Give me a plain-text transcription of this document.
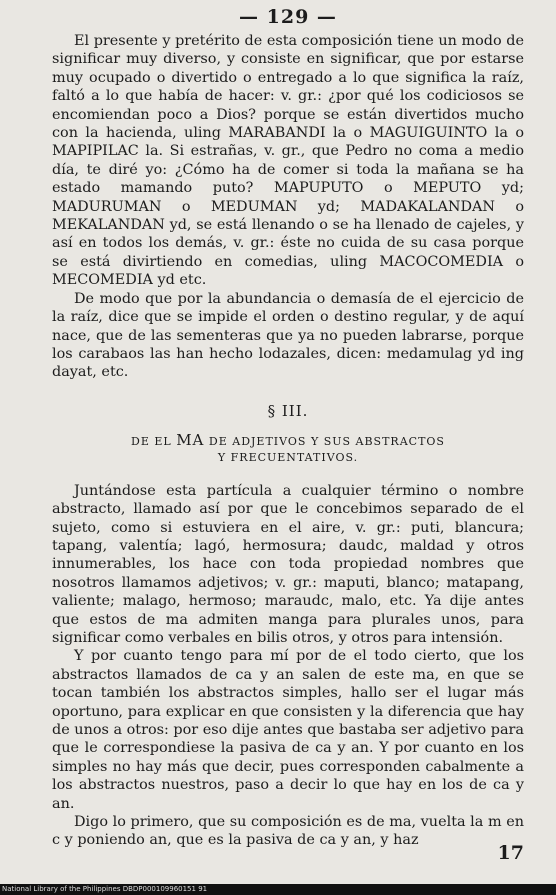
— 129 —

El presente y pretérito de esta composición tiene un modo de significar muy diverso, y consiste en significar, que por estarse muy ocupado o divertido o entregado a lo que significa la raíz, faltó a lo que había de hacer: v. gr.: ¿por qué los codiciosos se encomiendan poco a Dios? porque se están divertidos mucho con la hacienda, uling MARABANDI la o MAGUIGUINTO la o MAPIPILAC la. Si estrañas, v. gr., que Pedro no coma a medio día, te diré yo: ¿Cómo ha de comer si toda la mañana se ha estado mamando puto? MAPUPUTO o MEPUTO yd; MADURUMAN o MEDUMAN yd; MADAKALANDAN o MEKALANDAN yd, se está llenando o se ha llenado de cajeles, y así en todos los demás, v. gr.: éste no cuida de su casa porque se está divirtiendo en comedias, uling MACOCOMEDIA o MECOMEDIA yd etc.

De modo que por la abundancia o demasía de el ejercicio de la raíz, dice que se impide el orden o destino regular, y de aquí nace, que de las sementeras que ya no pueden labrarse, porque los carabaos las han hecho lodazales, dicen: medamulag yd ing dayat, etc.

§ III.
DE EL MA DE ADJETIVOS Y SUS ABSTRACTOS
Y FRECUENTATIVOS.

Juntándose esta partícula a cualquier término o nombre abstracto, llamado así por que le concebimos separado de el sujeto, como si estuviera en el aire, v. gr.: puti, blancura; tapang, valentía; lagó, hermosura; daudc, maldad y otros innumerables, los hace con toda propiedad nombres que nosotros llamamos adjetivos; v. gr.: maputi, blanco; matapang, valiente; malago, hermoso; maraudc, malo, etc. Ya dije antes que estos de ma admiten manga para plurales unos, para significar como verbales en bilis otros, y otros para intensión.

Y por cuanto tengo para mí por de el todo cierto, que los abstractos llamados de ca y an salen de este ma, en que se tocan también los abstractos simples, hallo ser el lugar más oportuno, para explicar en que consisten y la diferencia que hay de unos a otros: por eso dije antes que bastaba ser adjetivo para que le correspondiese la pasiva de ca y an. Y por cuanto en los simples no hay más que decir, pues corresponden cabalmente a los abstractos nuestros, paso a decir lo que hay en los de ca y an.

Digo lo primero, que su composición es de ma, vuelta la m en c y poniendo an, que es la pasiva de ca y an, y haz

17
National Library of the Philippines DBDP000109960151 91
